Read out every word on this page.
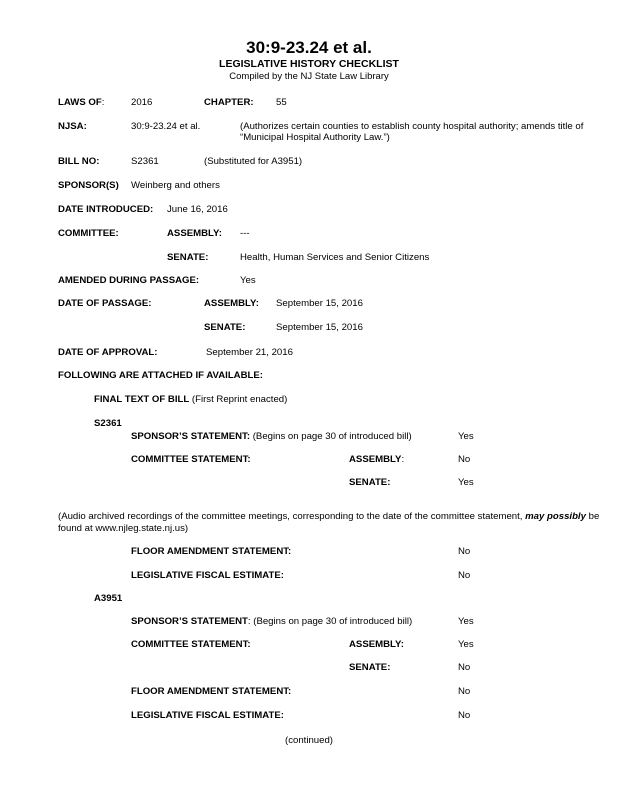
30:9-23.24 et al.
LEGISLATIVE HISTORY CHECKLIST
Compiled by the NJ State Law Library
LAWS OF:	2016	CHAPTER: 55
NJSA:	30:9-23.24 et al.	(Authorizes certain counties to establish county hospital authority; amends title of “Municipal Hospital Authority Law.”)
BILL NO:	S2361	(Substituted for A3951)
SPONSOR(S) Weinberg and others
DATE INTRODUCED: June 16, 2016
COMMITTEE:	ASSEMBLY: ---
SENATE:	Health, Human Services and Senior Citizens
AMENDED DURING PASSAGE:	Yes
DATE OF PASSAGE:	ASSEMBLY: September 15, 2016
SENATE:	September 15, 2016
DATE OF APPROVAL:	September 21, 2016
FOLLOWING ARE ATTACHED IF AVAILABLE:
FINAL TEXT OF BILL (First Reprint enacted)
S2361
SPONSOR’S STATEMENT: (Begins on page 30 of introduced bill)	Yes
COMMITTEE STATEMENT:	ASSEMBLY:	No
SENATE:	Yes
(Audio archived recordings of the committee meetings, corresponding to the date of the committee statement, may possibly be found at www.njleg.state.nj.us)
FLOOR AMENDMENT STATEMENT:	No
LEGISLATIVE FISCAL ESTIMATE:	No
A3951
SPONSOR’S STATEMENT: (Begins on page 30 of introduced bill)	Yes
COMMITTEE STATEMENT:	ASSEMBLY:	Yes
SENATE:	No
FLOOR AMENDMENT STATEMENT:	No
LEGISLATIVE FISCAL ESTIMATE:	No
(continued)
